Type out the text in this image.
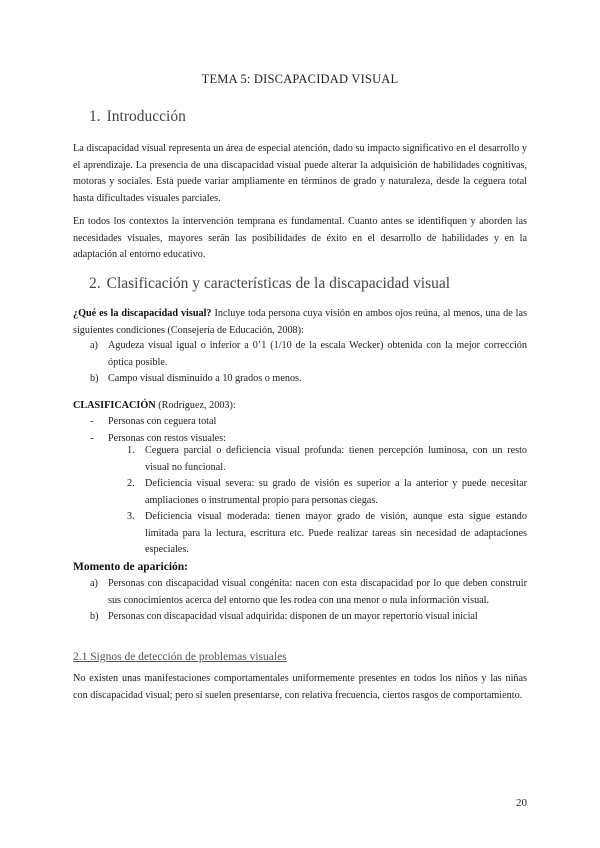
TEMA 5: DISCAPACIDAD VISUAL
1. Introducción

La discapacidad visual representa un área de especial atención, dado su impacto significativo en el desarrollo y el aprendizaje. La presencia de una discapacidad visual puede alterar la adquisición de habilidades cognitivas, motoras y sociales. Esta puede variar ampliamente en términos de grado y naturaleza, desde la ceguera total hasta dificultades visuales parciales.

En todos los contextos la intervención temprana es fundamental. Cuanto antes se identifiquen y aborden las necesidades visuales, mayores serán las posibilidades de éxito en el desarrollo de habilidades y en la adaptación al entorno educativo.

2. Clasificación y características de la discapacidad visual

¿Qué es la discapacidad visual? Incluye toda persona cuya visión en ambos ojos reúna, al menos, una de las siguientes condiciones (Consejería de Educación, 2008):

a) Agudeza visual igual o inferior a 0’1 (1/10 de la escala Wecker) obtenida con la mejor corrección óptica posible.
b) Campo visual disminuido a 10 grados o menos.

CLASIFICACIÓN (Rodríguez, 2003):

- Personas con ceguera total
- Personas con restos visuales:
1. Ceguera parcial o deficiencia visual profunda: tienen percepción luminosa, con un resto visual no funcional.
2. Deficiencia visual severa: su grado de visión es superior a la anterior y puede necesitar ampliaciones o instrumental propio para personas ciegas.
3. Deficiencia visual moderada: tienen mayor grado de visión, aunque esta sigue estando limitada para la lectura, escritura etc. Puede realizar tareas sin necesidad de adaptaciones especiales.
Momento de aparición:
a) Personas con discapacidad visual congénita: nacen con esta discapacidad por lo que deben construir sus conocimientos acerca del entorno que les rodea con una menor o nula información visual.
b) Personas con discapacidad visual adquirida: disponen de un mayor repertorio visual inicial
2.1 Signos de detección de problemas visuales

No existen unas manifestaciones comportamentales uniformemente presentes en todos los niños y las niñas con discapacidad visual; pero sí suelen presentarse, con relativa frecuencia, ciertos rasgos de comportamiento.

20
